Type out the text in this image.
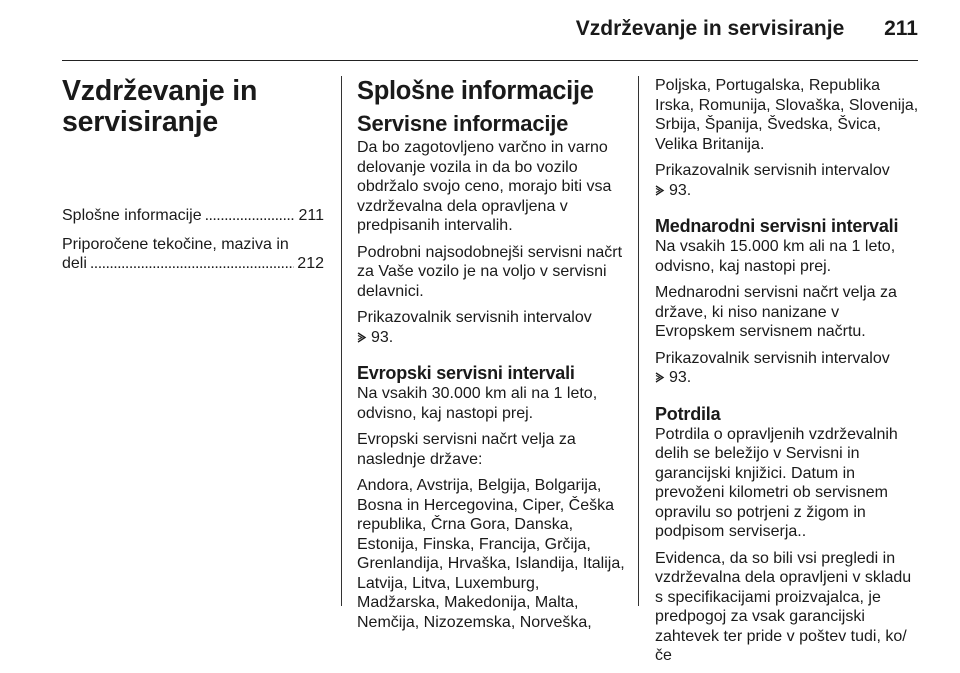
Vzdrževanje in servisiranje 211
Vzdrževanje in
servisiranje
Splošne informacije . . .	211
Priporočene tekočine, maziva in
deli . . .	212
Splošne informacije
Servisne informacije

Da bo zagotovljeno varčno in varno delovanje vozila in da bo vozilo obdržalo svojo ceno, morajo biti vsa vzdrževalna dela opravljena v predpisanih intervalih.

Podrobni najsodobnejši servisni načrt za Vaše vozilo je na voljo v servisni delavnici.

Prikazovalnik servisnih intervalov

93.

Evropski servisni intervali

Na vsakih 30.000 km ali na 1 leto, odvisno, kaj nastopi prej.

Evropski servisni načrt velja za naslednje države:

Andora, Avstrija, Belgija, Bolgarija, Bosna in Hercegovina, Ciper, Češka republika, Črna Gora, Danska, Estonija, Finska, Francija, Grčija, Grenlandija, Hrvaška, Islandija, Italija, Latvija, Litva, Luxemburg, Madžarska, Makedonija, Malta, Nemčija, Nizozemska, Norveška,

Poljska, Portugalska, Republika Irska, Romunija, Slovaška, Slovenija, Srbija, Španija, Švedska, Švica, Velika Britanija.

Prikazovalnik servisnih intervalov

93.

Mednarodni servisni intervali

Na vsakih 15.000 km ali na 1 leto, odvisno, kaj nastopi prej.

Mednarodni servisni načrt velja za države, ki niso nanizane v Evropskem servisnem načrtu.

Prikazovalnik servisnih intervalov

93.

Potrdila

Potrdila o opravljenih vzdrževalnih delih se beležijo v Servisni in garancijski knjižici. Datum in prevoženi kilometri ob servisnem opravilu so potrjeni z žigom in podpisom serviserja..

Evidenca, da so bili vsi pregledi in vzdrževalna dela opravljeni v skladu s specifikacijami proizvajalca, je predpogoj za vsak garancijski zahtevek ter pride v poštev tudi, ko/če
